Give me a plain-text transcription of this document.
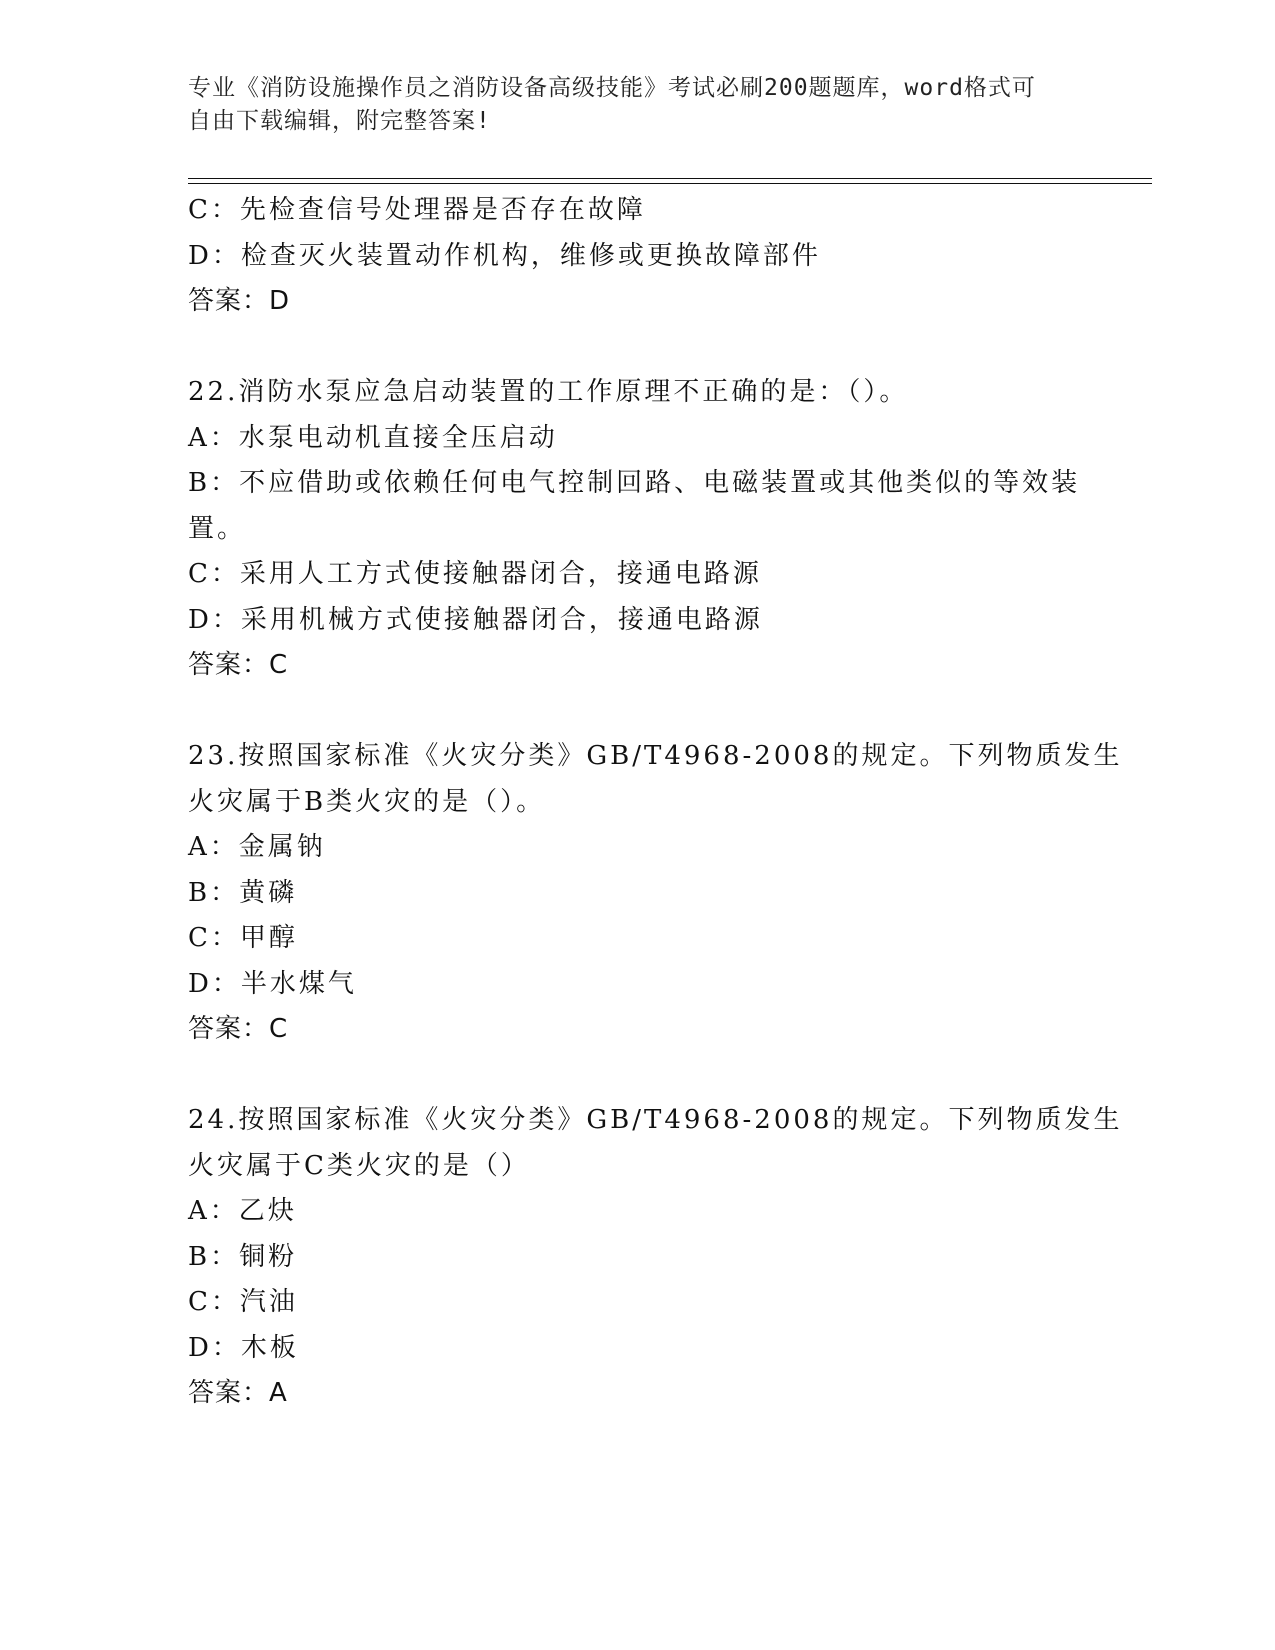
专业《消防设施操作员之消防设备高级技能》考试必刷200题题库，word格式可
自由下载编辑，附完整答案!
C：先检查信号处理器是否存在故障
D：检查灭火装置动作机构，维修或更换故障部件
答案：D
22.消防水泵应急启动装置的工作原理不正确的是：（）。
A：水泵电动机直接全压启动
B：不应借助或依赖任何电气控制回路、电磁装置或其他类似的等效装
置。
C：采用人工方式使接触器闭合，接通电路源
D：采用机械方式使接触器闭合，接通电路源
答案：C
23.按照国家标准《火灾分类》GB/T4968-2008的规定。下列物质发生
火灾属于B类火灾的是（）。
A：金属钠
B：黄磷
C：甲醇
D：半水煤气
答案：C
24.按照国家标准《火灾分类》GB/T4968-2008的规定。下列物质发生
火灾属于C类火灾的是（）
A：乙炔
B：铜粉
C：汽油
D：木板
答案：A
